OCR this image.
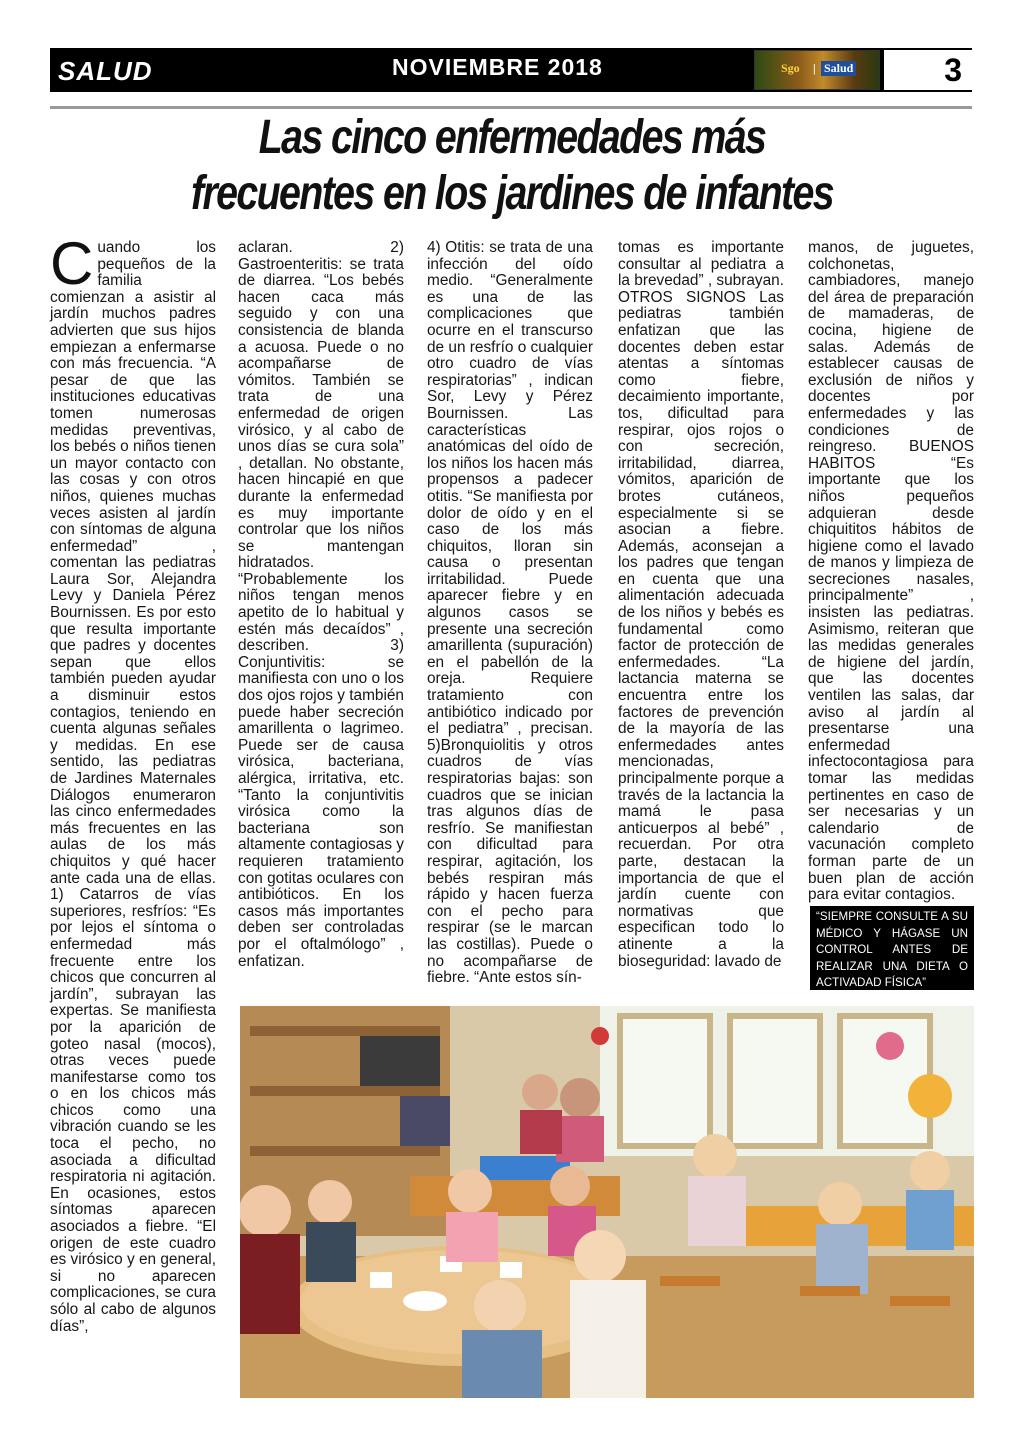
SALUD	NOVIEMBRE 2018	Sgo | Salud	3
Las cinco enfermedades más
frecuentes en los jardines de infantes
C uando los pequeños de la familia comienzan a asistir al jardín muchos padres advierten que sus hijos empiezan a enfermarse con más frecuencia. “A pesar de que las instituciones educativas tomen numerosas medidas preventivas, los bebés o niños tienen un mayor contacto con las cosas y con otros niños, quienes muchas veces asisten al jardín con síntomas de alguna enfermedad” , comentan las pediatras Laura Sor, Alejandra Levy y Daniela Pérez Bournissen. Es por esto que resulta importante que padres y docentes sepan que ellos también pueden ayudar a disminuir estos contagios, teniendo en cuenta algunas señales y medidas. En ese sentido, las pediatras de Jardines Maternales Diálogos enumeraron las cinco enfermedades más frecuentes en las aulas de los más chiquitos y qué hacer ante cada una de ellas. 1) Catarros de vías superiores, resfríos: “Es por lejos el síntoma o enfermedad más frecuente entre los chicos que concurren al jardín”, subrayan las expertas. Se manifiesta por la aparición de goteo nasal (mocos), otras veces puede manifestarse como tos o en los chicos más chicos como una vibración cuando se les toca el pecho, no asociada a dificultad respiratoria ni agitación. En ocasiones, estos síntomas aparecen asociados a fiebre. “El origen de este cuadro es virósico y en general, si no aparecen complicaciones, se cura sólo al cabo de algunos días”,

aclaran. 2) Gastroenteritis: se trata de diarrea. “Los bebés hacen caca más seguido y con una consistencia de blanda a acuosa. Puede o no acompañarse de vómitos. También se trata de una enfermedad de origen virósico, y al cabo de unos días se cura sola” , detallan. No obstante, hacen hincapié en que durante la enfermedad es muy importante controlar que los niños se mantengan hidratados. “Probablemente los niños tengan menos apetito de lo habitual y estén más decaídos” , describen. 3) Conjuntivitis: se manifiesta con uno o los dos ojos rojos y también puede haber secreción amarillenta o lagrimeo. Puede ser de causa virósica, bacteriana, alérgica, irritativa, etc. “Tanto la conjuntivitis virósica como la bacteriana son altamente contagiosas y requieren tratamiento con gotitas oculares con antibióticos. En los casos más importantes deben ser controladas por el oftalmólogo” , enfatizan.

4) Otitis: se trata de una infección del oído medio. “Generalmente es una de las complicaciones que ocurre en el transcurso de un resfrío o cualquier otro cuadro de vías respiratorias” , indican Sor, Levy y Pérez Bournissen. Las características anatómicas del oído de los niños los hacen más propensos a padecer otitis. “Se manifiesta por dolor de oído y en el caso de los más chiquitos, lloran sin causa o presentan irritabilidad. Puede aparecer fiebre y en algunos casos se presente una secreción amarillenta (supuración) en el pabellón de la oreja. Requiere tratamiento con antibiótico indicado por el pediatra” , precisan. 5)Bronquiolitis y otros cuadros de vías respiratorias bajas: son cuadros que se inician tras algunos días de resfrío. Se manifiestan con dificultad para respirar, agitación, los bebés respiran más rápido y hacen fuerza con el pecho para respirar (se le marcan las costillas). Puede o no acompañarse de fiebre. “Ante estos sín-

tomas es importante consultar al pediatra a la brevedad” , subrayan. OTROS SIGNOS Las pediatras también enfatizan que las docentes deben estar atentas a síntomas como fiebre, decaimiento importante, tos, dificultad para respirar, ojos rojos o con secreción, irritabilidad, diarrea, vómitos, aparición de brotes cutáneos, especialmente si se asocian a fiebre. Además, aconsejan a los padres que tengan en cuenta que una alimentación adecuada de los niños y bebés es fundamental como factor de protección de enfermedades. “La lactancia materna se encuentra entre los factores de prevención de la mayoría de las enfermedades antes mencionadas, principalmente porque a través de la lactancia la mamá le pasa anticuerpos al bebé” , recuerdan. Por otra parte, destacan la importancia de que el jardín cuente con normativas que especifican todo lo atinente a la bioseguridad: lavado de

manos, de juguetes, colchonetas, cambiadores, manejo del área de preparación de mamaderas, de cocina, higiene de salas. Además de establecer causas de exclusión de niños y docentes por enfermedades y las condiciones de reingreso. BUENOS HABITOS “Es importante que los niños pequeños adquieran desde chiquititos hábitos de higiene como el lavado de manos y limpieza de secreciones nasales, principalmente” , insisten las pediatras. Asimismo, reiteran que las medidas generales de higiene del jardín, que las docentes ventilen las salas, dar aviso al jardín al presentarse una enfermedad infectocontagiosa para tomar las medidas pertinentes en caso de ser necesarias y un calendario de vacunación completo forman parte de un buen plan de acción para evitar contagios.

“SIEMPRE CONSULTE A SU MÉDICO Y HÁGASE UN CONTROL ANTES DE REALIZAR UNA DIETA O ACTIVADAD FÍSICA”
